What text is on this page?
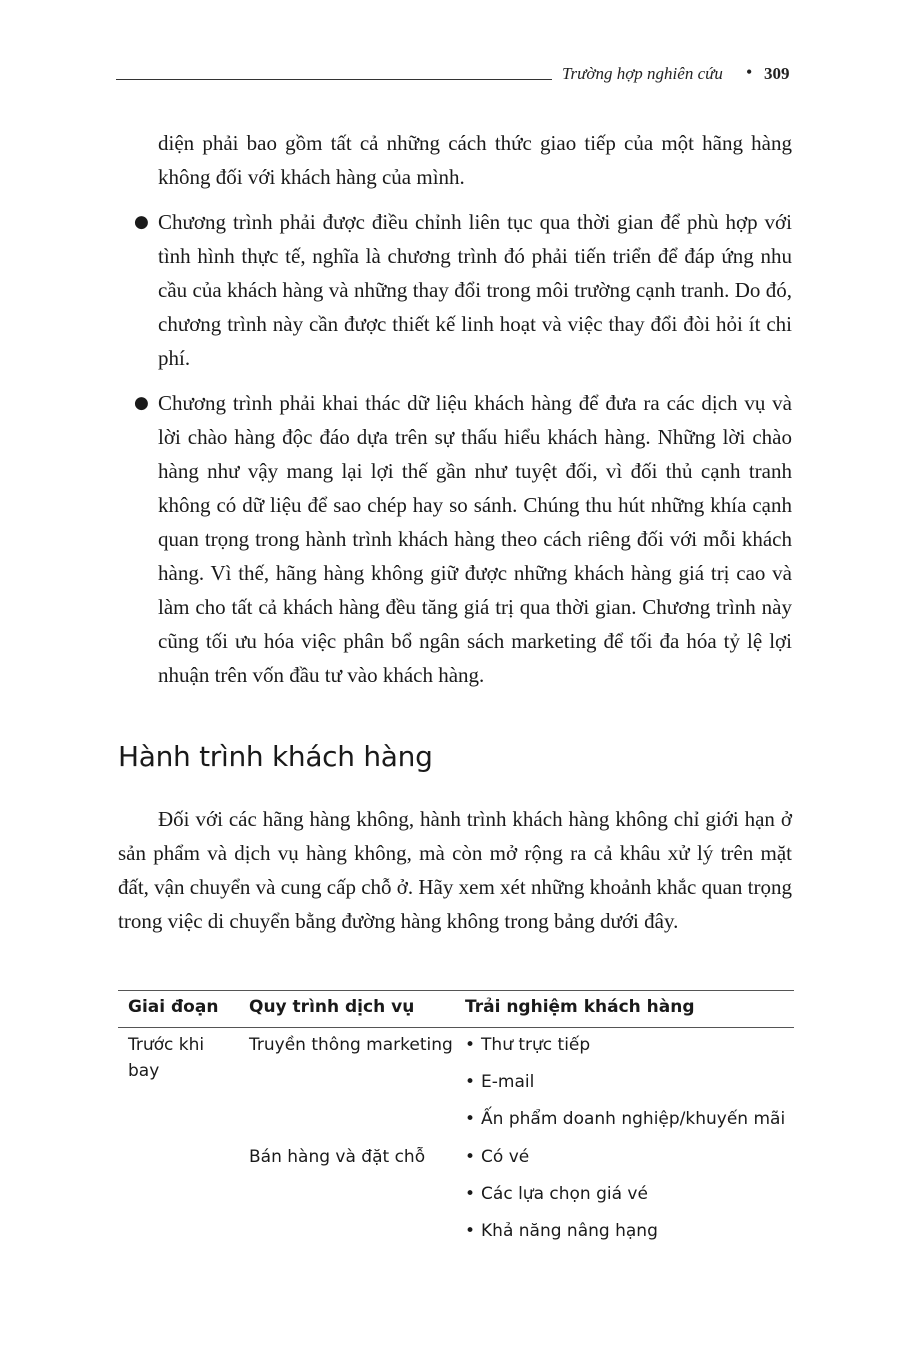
Trường hợp nghiên cứu • 309

diện phải bao gồm tất cả những cách thức giao tiếp của một hãng hàng không đối với khách hàng của mình.

● Chương trình phải được điều chỉnh liên tục qua thời gian để phù hợp với tình hình thực tế, nghĩa là chương trình đó phải tiến triển để đáp ứng nhu cầu của khách hàng và những thay đổi trong môi trường cạnh tranh. Do đó, chương trình này cần được thiết kế linh hoạt và việc thay đổi đòi hỏi ít chi phí.

● Chương trình phải khai thác dữ liệu khách hàng để đưa ra các dịch vụ và lời chào hàng độc đáo dựa trên sự thấu hiểu khách hàng. Những lời chào hàng như vậy mang lại lợi thế gần như tuyệt đối, vì đối thủ cạnh tranh không có dữ liệu để sao chép hay so sánh. Chúng thu hút những khía cạnh quan trọng trong hành trình khách hàng theo cách riêng đối với mỗi khách hàng. Vì thế, hãng hàng không giữ được những khách hàng giá trị cao và làm cho tất cả khách hàng đều tăng giá trị qua thời gian. Chương trình này cũng tối ưu hóa việc phân bổ ngân sách marketing để tối đa hóa tỷ lệ lợi nhuận trên vốn đầu tư vào khách hàng.

Hành trình khách hàng

Đối với các hãng hàng không, hành trình khách hàng không chỉ giới hạn ở sản phẩm và dịch vụ hàng không, mà còn mở rộng ra cả khâu xử lý trên mặt đất, vận chuyển và cung cấp chỗ ở. Hãy xem xét những khoảnh khắc quan trọng trong việc di chuyển bằng đường hàng không trong bảng dưới đây.

Giai đoạn Quy trình dịch vụ	Trải nghiệm khách hàng
Trước khi bay
Truyền thông marketing • Thư trực tiếp
• E-mail
• Ấn phẩm doanh nghiệp/khuyến mãi
Bán hàng và đặt chỗ • Có vé
• Các lựa chọn giá vé
• Khả năng nâng hạng
